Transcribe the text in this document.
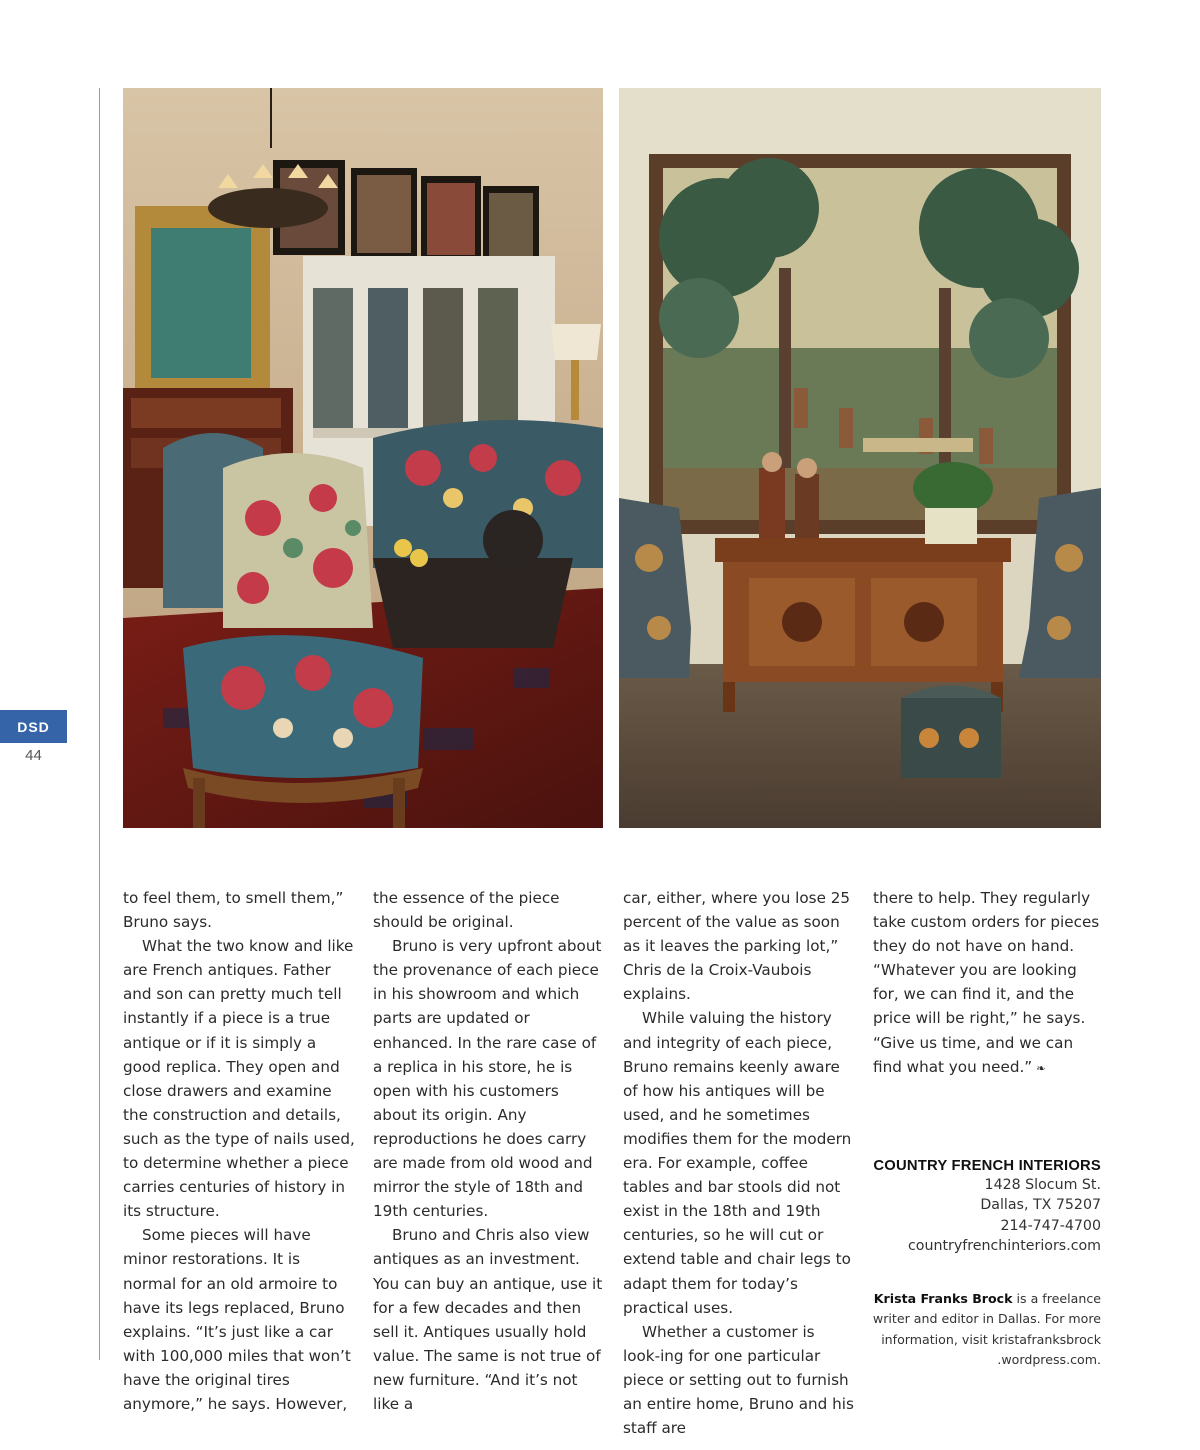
DSD
44

to feel them, to smell them,” Bruno says.

What the two know and like are French antiques. Father and son can pretty much tell instantly if a piece is a true antique or if it is simply a good replica. They open and close drawers and examine the construction and details, such as the type of nails used, to determine whether a piece carries centuries of history in its structure.

Some pieces will have minor restorations. It is normal for an old armoire to have its legs replaced, Bruno explains. “It’s just like a car with 100,000 miles that won’t have the original tires anymore,” he says. However,

the essence of the piece should be original.

Bruno is very upfront about the provenance of each piece in his showroom and which parts are updated or enhanced. In the rare case of a replica in his store, he is open with his customers about its origin. Any reproductions he does carry are made from old wood and mirror the style of 18th and 19th centuries.

Bruno and Chris also view antiques as an investment. You can buy an antique, use it for a few decades and then sell it. Antiques usually hold value. The same is not true of new furniture. “And it’s not like a

car, either, where you lose 25 percent of the value as soon as it leaves the parking lot,” Chris de la Croix-Vaubois explains.

While valuing the history and integrity of each piece, Bruno remains keenly aware of how his antiques will be used, and he sometimes modifies them for the modern era. For example, coffee tables and bar stools did not exist in the 18th and 19th centuries, so he will cut or extend table and chair legs to adapt them for today’s practical uses.

Whether a customer is look-ing for one particular piece or setting out to furnish an entire home, Bruno and his staff are

there to help. They regularly take custom orders for pieces they do not have on hand. “Whatever you are looking for, we can find it, and the price will be right,” he says. “Give us time, and we can find what you need.” ❧

COUNTRY FRENCH INTERIORS
1428 Slocum St.
Dallas, TX 75207
214-747-4700
countryfrenchinteriors.com
Krista Franks Brock is a freelance writer and editor in Dallas. For more information, visit kristafranksbrock .wordpress.com.
